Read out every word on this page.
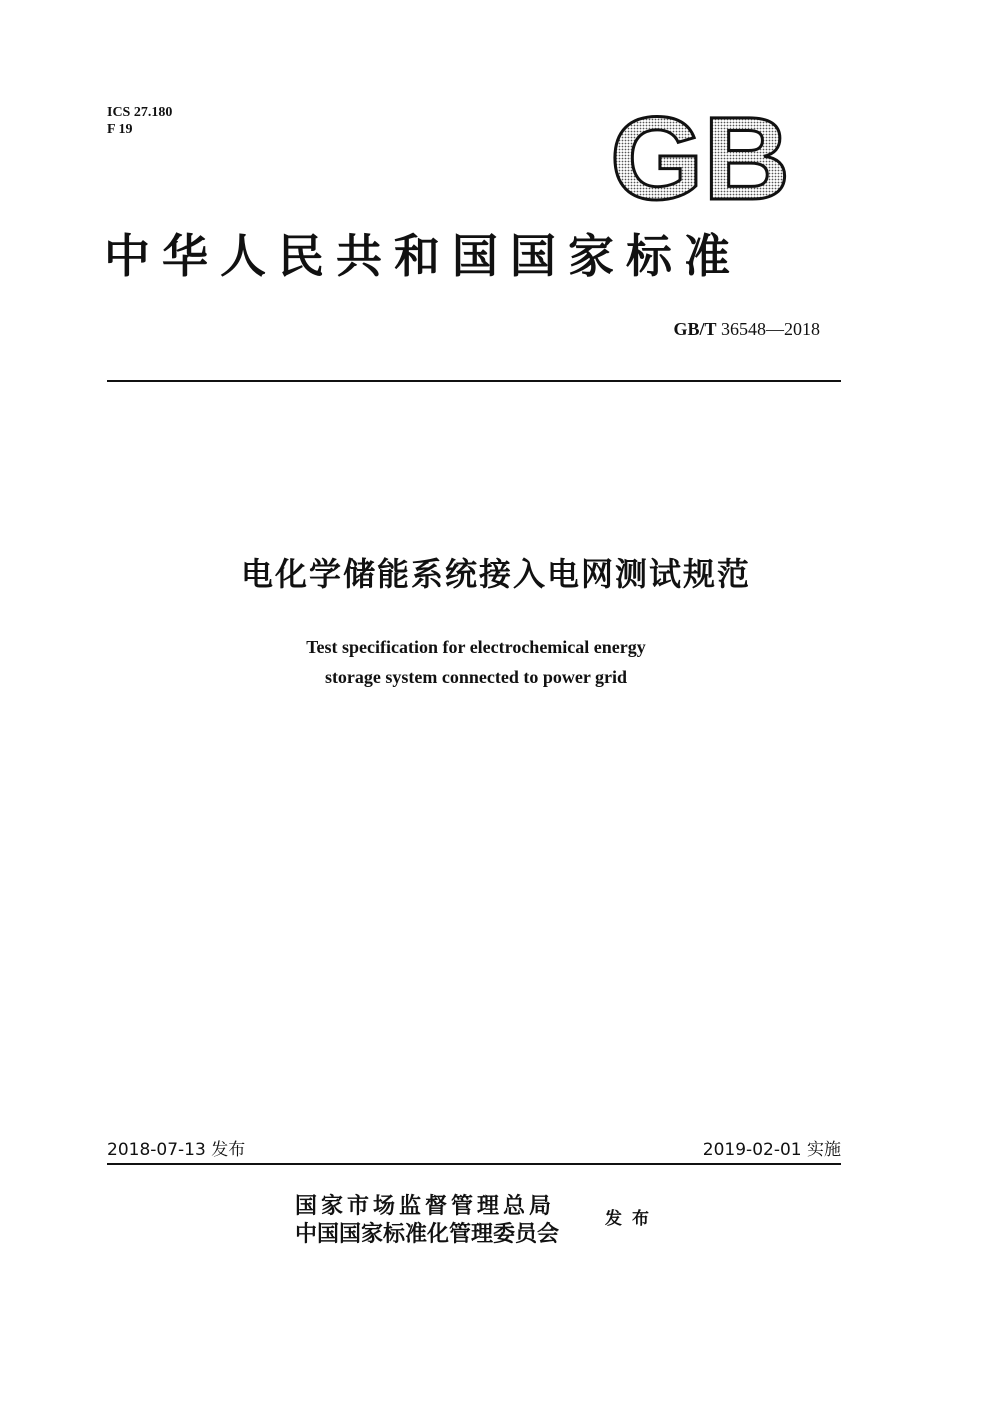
ICS 27.180
F 19	GB
中华人民共和国国家标准
GB/T 36548—2018
电化学储能系统接入电网测试规范
Test specification for electrochemical energy
storage system connected to power grid
2018-07-13 发布	2019-02-01 实施
国家市场监督管理总局
中国国家标准化管理委员会
发布
